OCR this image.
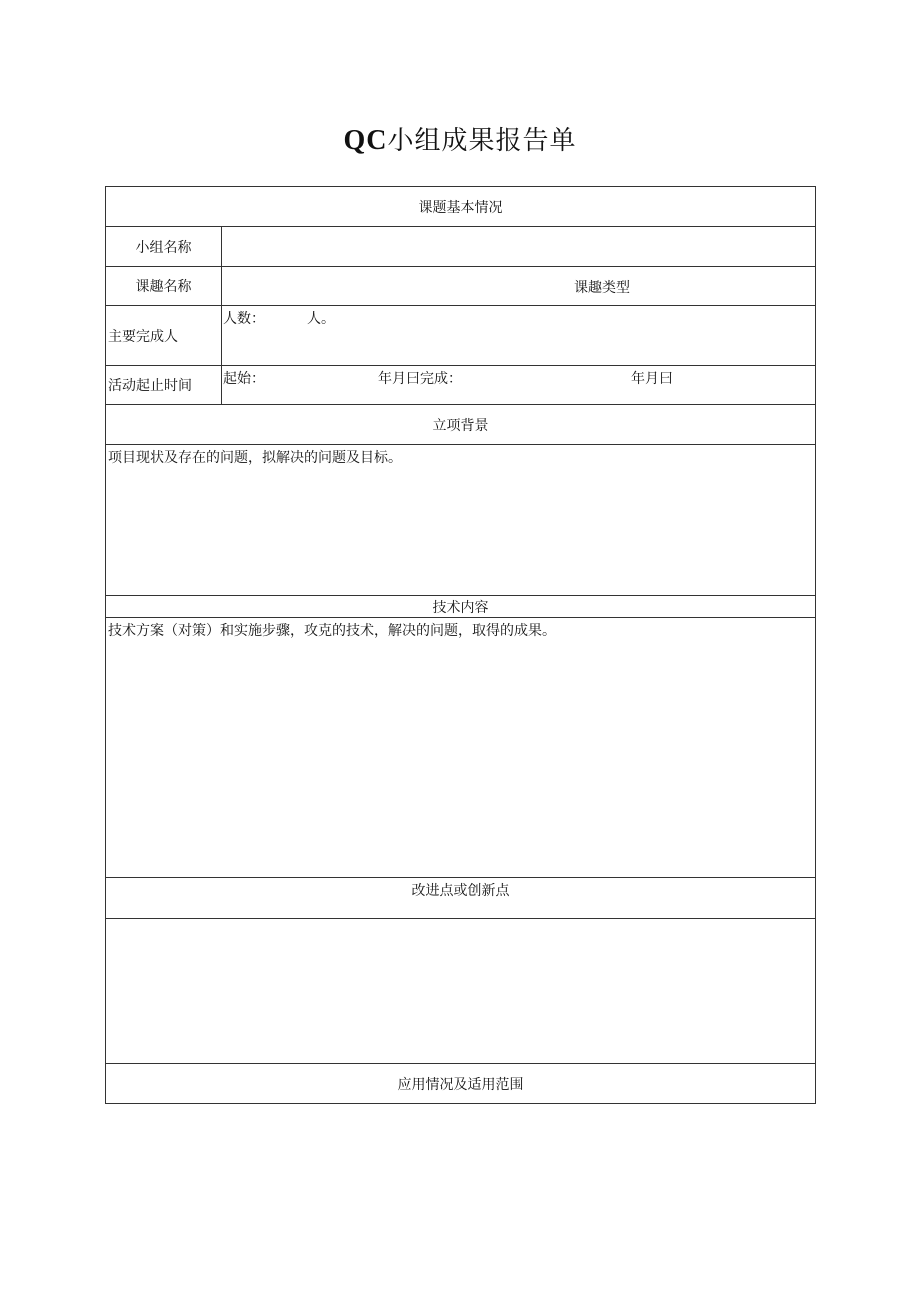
QC小组成果报告单
课题基本情况	
小组名称	
课趣名称	课趣类型

主要完成人	人数： 人。

活动起止时间	起始： 年月曰完成： 年月曰

立项背景	
项目现状及存在的问题，拟解决的问题及目标。	
技术内容	
技术方案（对策）和实施步骤，攻克的技术，解决的问题，取得的成果。	
改进点或创新点	

应用情况及适用范围	
